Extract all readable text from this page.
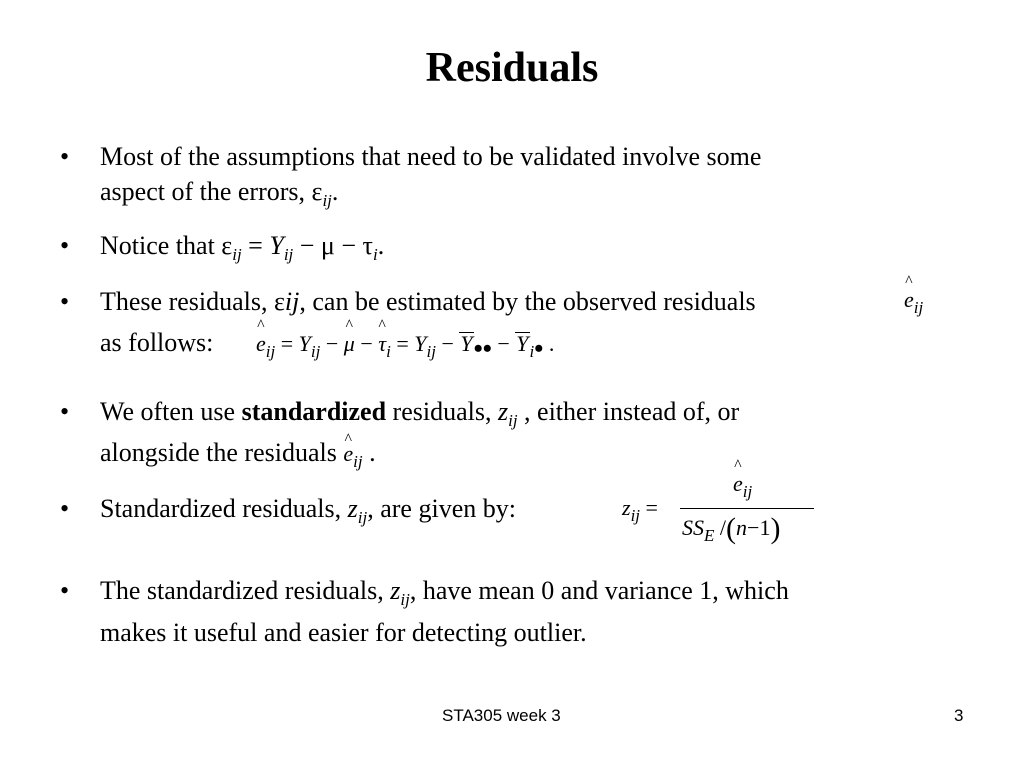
Residuals
• Most of the assumptions that need to be validated involve some
aspect of the errors, $\varepsilon_{ij}$.
• Notice that $\varepsilon_{ij} = Y_{ij} - \mu - \tau_i$.
• These residuals, εij, can be estimated by the observed residuals
as follows:
^ $e_{ij}$
^ $e_{ij} = Y_{ij}$ − ^ μ − ^ $\tau_i = Y_{ij}$ − Y•• − $Y_i•$ .
• We often use standardized residuals, $z_{ij}$ , either instead of, or
alongside the residuals ^ $e_{ij}$ .
• Standardized residuals, $z_{ij}$, are given by:	$z_{ij}$ =
^ $e_{ij}$
$SS_E$ /(n−1)
• The standardized residuals, $z_{ij}$, have mean 0 and variance 1, which
makes it useful and easier for detecting outlier.
STA305 week 3	3
